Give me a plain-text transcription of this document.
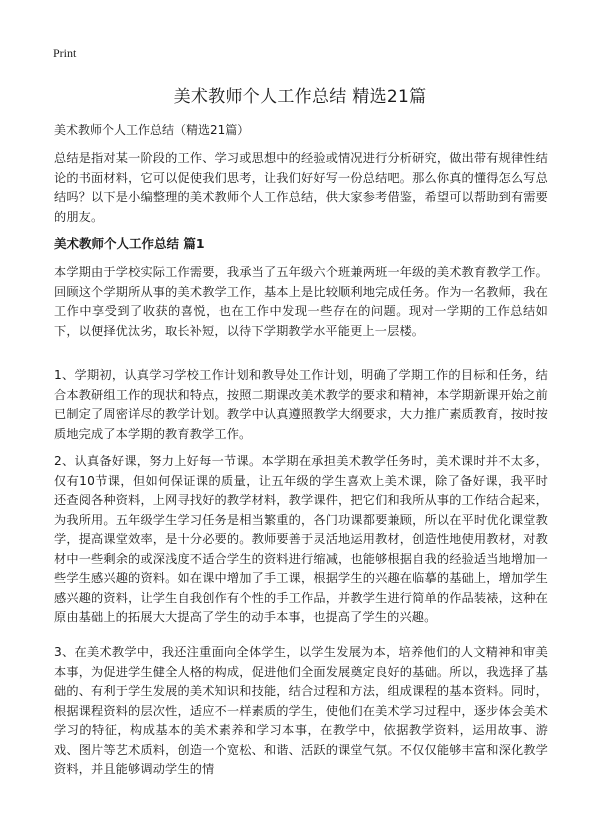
Print
美术教师个人工作总结 精选21篇

美术教师个人工作总结（精选21篇）

总结是指对某一阶段的工作、学习或思想中的经验或情况进行分析研究，做出带有规律性结论的书面材料，它可以促使我们思考，让我们好好写一份总结吧。那么你真的懂得怎么写总结吗？以下是小编整理的美术教师个人工作总结，供大家参考借鉴，希望可以帮助到有需要的朋友。

美术教师个人工作总结 篇1

本学期由于学校实际工作需要，我承当了五年级六个班兼两班一年级的美术教育教学工作。回顾这个学期所从事的美术教学工作，基本上是比较顺利地完成任务。作为一名教师，我在工作中享受到了收获的喜悦，也在工作中发现一些存在的问题。现对一学期的工作总结如下，以便择优汰劣，取长补短，以待下学期教学水平能更上一层楼。

1、学期初，认真学习学校工作计划和教导处工作计划，明确了学期工作的目标和任务，结合本教研组工作的现状和特点，按照二期课改美术教学的要求和精神，本学期新课开始之前已制定了周密详尽的教学计划。教学中认真遵照教学大纲要求，大力推广素质教育，按时按质地完成了本学期的教育教学工作。

2、认真备好课，努力上好每一节课。本学期在承担美术教学任务时，美术课时并不太多，仅有10节课，但如何保证课的质量，让五年级的学生喜欢上美术课，除了备好课，我平时还查阅各种资料，上网寻找好的教学材料，教学课件，把它们和我所从事的工作结合起来，为我所用。五年级学生学习任务是相当繁重的，各门功课都要兼顾，所以在平时优化课堂教学，提高课堂效率，是十分必要的。教师要善于灵活地运用教材，创造性地使用教材，对教材中一些剩余的或深浅度不适合学生的资料进行缩减，也能够根据自我的经验适当地增加一些学生感兴趣的资料。如在课中增加了手工课，根据学生的兴趣在临摹的基础上，增加学生感兴趣的资料，让学生自我创作有个性的手工作品，并教学生进行简单的作品装裱，这种在原由基础上的拓展大大提高了学生的动手本事，也提高了学生的兴趣。

3、在美术教学中，我还注重面向全体学生，以学生发展为本，培养他们的人文精神和审美本事，为促进学生健全人格的构成，促进他们全面发展奠定良好的基础。所以，我选择了基础的、有利于学生发展的美术知识和技能，结合过程和方法，组成课程的基本资料。同时，根据课程资料的层次性，适应不一样素质的学生，使他们在美术学习过程中，逐步体会美术学习的特征，构成基本的美术素养和学习本事，在教学中，依据教学资料，运用故事、游戏、图片等艺术质料，创造一个宽松、和谐、活跃的课堂气氛。不仅仅能够丰富和深化教学资料，并且能够调动学生的情
